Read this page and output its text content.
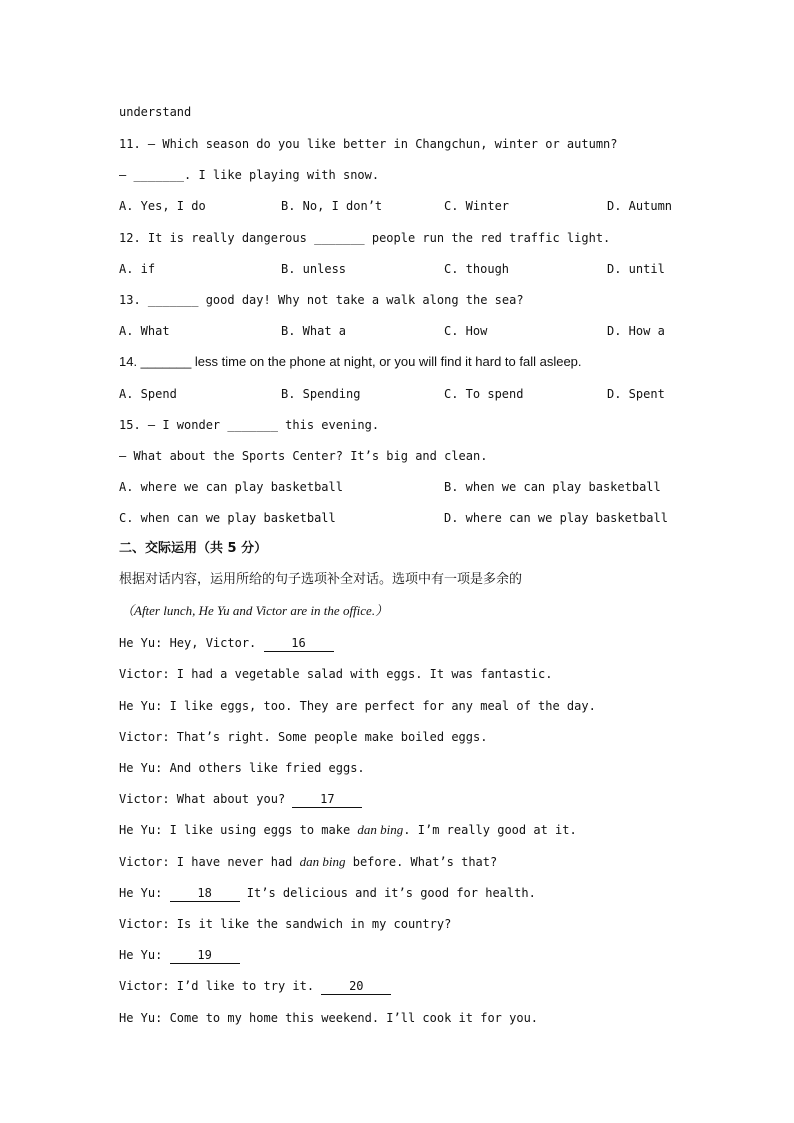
understand
11. — Which season do you like better in Changchun, winter or autumn?
— _______. I like playing with snow.
A. Yes, I do	B. No, I don’t	C. Winter	D. Autumn
12. It is really dangerous _______ people run the red traffic light.
A. if	B. unless	C. though	D. until
13. _______ good day! Why not take a walk along the sea?
A. What	B. What a	C. How	D. How a
14. _______ less time on the phone at night, or you will find it hard to fall asleep.
A. Spend	B. Spending	C. To spend	D. Spent
15. — I wonder _______ this evening.
— What about the Sports Center? It’s big and clean.
A. where we can play basketball	B. when we can play basketball
C. when can we play basketball	D. where can we play basketball
二、交际运用（共 5 分）
根据对话内容，运用所给的句子选项补全对话。选项中有一项是多余的
（After lunch, He Yu and Victor are in the office.）
He Yu: Hey, Victor. 16
Victor: I had a vegetable salad with eggs. It was fantastic.
He Yu: I like eggs, too. They are perfect for any meal of the day.
Victor: That’s right. Some people make boiled eggs.
He Yu: And others like fried eggs.
Victor: What about you? 17
He Yu: I like using eggs to make dan bing. I’m really good at it.
Victor: I have never had dan bing before. What’s that?
He Yu: 18 It’s delicious and it’s good for health.
Victor: Is it like the sandwich in my country?
He Yu: 19
Victor: I’d like to try it. 20
He Yu: Come to my home this weekend. I’ll cook it for you.
